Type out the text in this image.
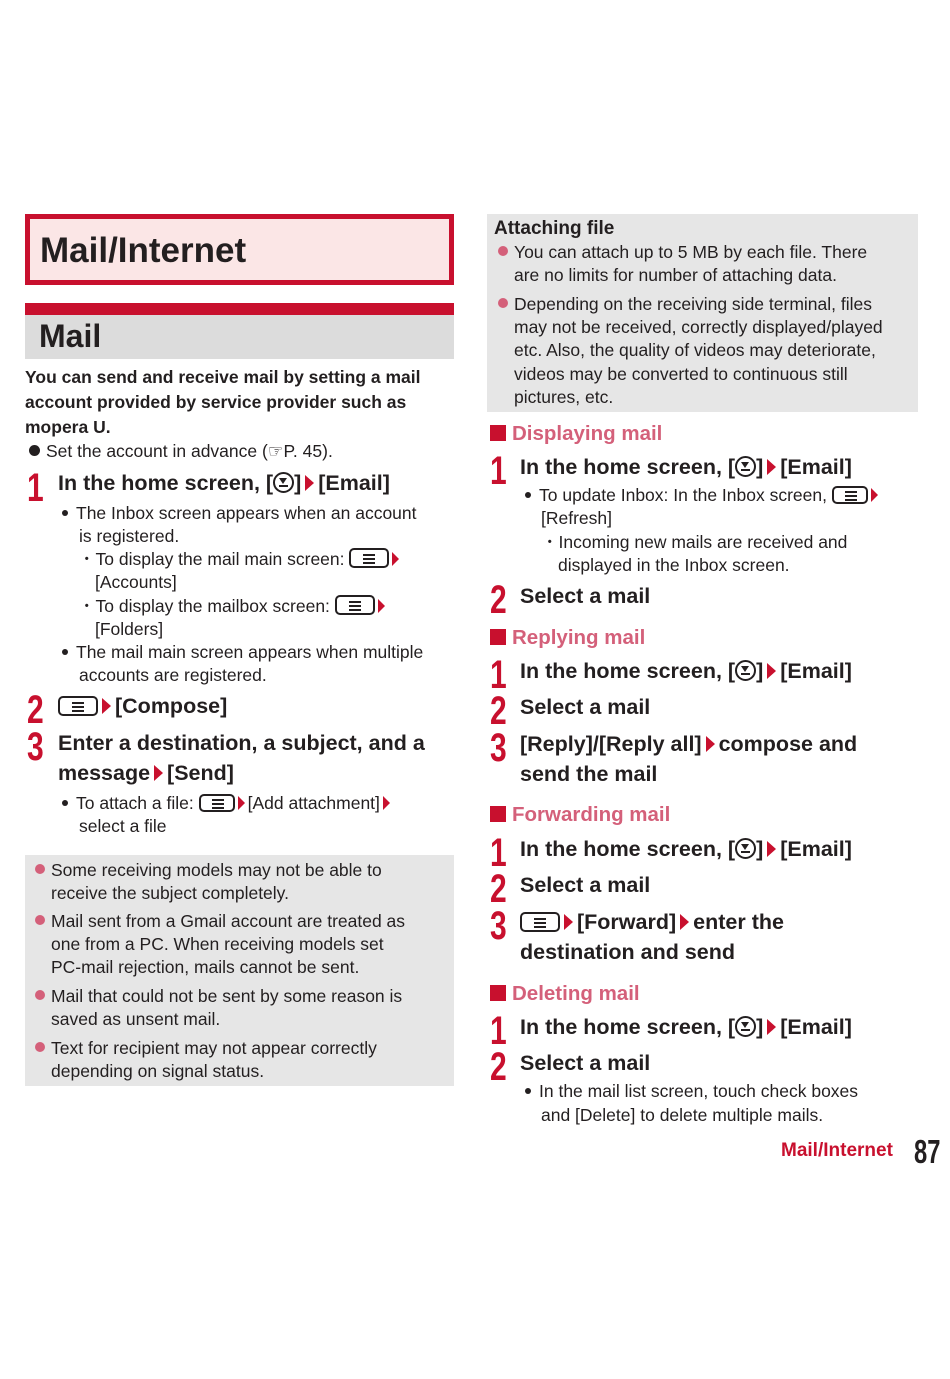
Mail/Internet
Mail
You can send and receive mail by setting a mail account provided by service provider such as mopera U.
Set the account in advance (☞P. 45).
1 In the home screen, [ ] [Email]
The Inbox screen appears when an account
is registered.
・To display the mail main screen:
[Accounts]
・To display the mailbox screen:
[Folders]
The mail main screen appears when multiple
accounts are registered.
2	[Compose]
3 Enter a destination, a subject, and a
message [Send]
To attach a file:	[Add attachment]
select a file
Some receiving models may not be able to
receive the subject completely.
Mail sent from a Gmail account are treated as
one from a PC. When receiving models set
PC-mail rejection, mails cannot be sent.
Mail that could not be sent by some reason is
saved as unsent mail.
Text for recipient may not appear correctly
depending on signal status.
Attaching file
You can attach up to 5 MB by each file. There
are no limits for number of attaching data.
Depending on the receiving side terminal, files
may not be received, correctly displayed/played
etc. Also, the quality of videos may deteriorate,
videos may be converted to continuous still
pictures, etc.
Displaying mail
1 In the home screen, [ ] [Email]
To update Inbox: In the Inbox screen,
[Refresh]
・Incoming new mails are received and
displayed in the Inbox screen.
2 Select a mail
Replying mail
1 In the home screen, [ ] [Email]
2 Select a mail
3 [Reply]/[Reply all] compose and
send the mail
Forwarding mail
1 In the home screen, [ ] [Email]
2 Select a mail
3	[Forward] enter the
destination and send
Deleting mail
1 In the home screen, [ ] [Email]
2 Select a mail
In the mail list screen, touch check boxes
and [Delete] to delete multiple mails.
Mail/Internet 87
